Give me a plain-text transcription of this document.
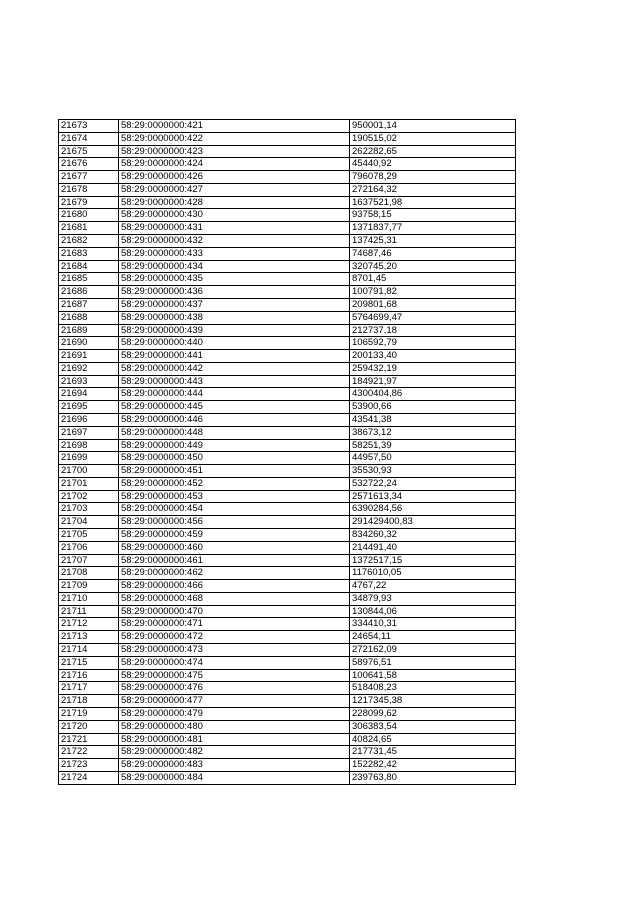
21673	58:29:0000000:421	950001,14
21674	58:29:0000000:422	190515,02
21675	58:29:0000000:423	262282,65
21676	58:29:0000000:424	45440,92
21677	58:29:0000000:426	796078,29
21678	58:29:0000000:427	272164,32
21679	58:29:0000000:428	1637521,98
21680	58:29:0000000:430	93758,15
21681	58:29:0000000:431	1371837,77
21682	58:29:0000000:432	137425,31
21683	58:29:0000000:433	74687,46
21684	58:29:0000000:434	320745,20
21685	58:29:0000000:435	8701,45
21686	58:29:0000000:436	100791,82
21687	58:29:0000000:437	209801,68
21688	58:29:0000000:438	5764699,47
21689	58:29:0000000:439	212737,18
21690	58:29:0000000:440	106592,79
21691	58:29:0000000:441	200133,40
21692	58:29:0000000:442	259432,19
21693	58:29:0000000:443	184921,97
21694	58:29:0000000:444	4300404,86
21695	58:29:0000000:445	53900,66
21696	58:29:0000000:446	43541,38
21697	58:29:0000000:448	38673,12
21698	58:29:0000000:449	58251,39
21699	58:29:0000000:450	44957,50
21700	58:29:0000000:451	35530,93
21701	58:29:0000000:452	532722,24
21702	58:29:0000000:453	2571613,34
21703	58:29:0000000:454	6390284,56
21704	58:29:0000000:456	291429400,83
21705	58:29:0000000:459	834260,32
21706	58:29:0000000:460	214491,40
21707	58:29:0000000:461	1372517,15
21708	58:29:0000000:462	1176010,05
21709	58:29:0000000:466	4767,22
21710	58:29:0000000:468	34879,93
21711	58:29:0000000:470	130844,06
21712	58:29:0000000:471	334410,31
21713	58:29:0000000:472	24654,11
21714	58:29:0000000:473	272162,09
21715	58:29:0000000:474	58976,51
21716	58:29:0000000:475	100641,58
21717	58:29:0000000:476	518408,23
21718	58:29:0000000:477	1217345,38
21719	58:29:0000000:479	228099,62
21720	58:29:0000000:480	306383,54
21721	58:29:0000000:481	40824,65
21722	58:29:0000000:482	217731,45
21723	58:29:0000000:483	152282,42
21724	58:29:0000000:484	239763,80
